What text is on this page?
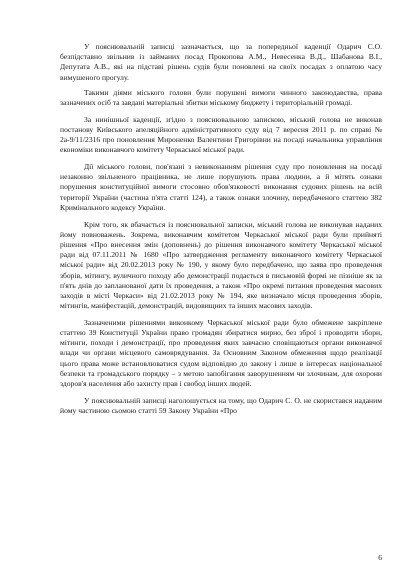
У пояснювальній записці зазначається, що за попередньої каденції Одарич С.О. безпідставно звільнив із займаних посад Прокопова А.М., Невесенка В.Д., Шабанова В.І., Депутата А.В., які на підставі рішень судів були поновлені на своїх посадах з оплатою часу вимушеного прогулу.

Такими діями міського голови були порушені вимоги чинного законодавства, права зазначених осіб та завдані матеріальні збитки міському бюджету і територіальній громаді.

За нинішньої каденції, згідно з пояснювальною запискою, міський голова не виконав постанову Київського апеляційного адміністративного суду від 7 вересня 2011 р. по справі № 2а-9/11/2316 про поновлення Мироненко Валентини Григорівни на посаді начальника управління економіки виконавчого комітету Черкаської міської ради.

Дії міського голови, пов'язані з невиконанням рішення суду про поновлення на посаді незаконно звільненого працівника, не лише порушують права людини, а й мітять ознаки порушення конституційної вимоги стосовно обов'язковості виконання судових рішень на всій території України (частина п'ята статті 124), а також ознаки злочину, передбаченого статтею 382 Кримінального кодексу України.

Крім того, як вбачається із пояснювальної записки, міський голова не виконував наданих йому повноважень. Зокрема, виконавчим комітетом Черкаської міської ради були прийняті рішення «Про внесення змін (доповнень) до рішення виконавчого комітету Черкаської міської ради від 07.11.2011 № 1680 «Про затвердження регламенту виконавчого комітету Черкаської міської ради» від 20.02.2013 року № 190, у якому було передбачено, що заява про проведення зборів, мітингу, вуличного походу або демонстрації подається в письмовій формі не пізніше як за п'ять днів до запланованої дати їх проведення, а також «Про окремі питання проведення масових заходів в місті Черкаси» від 21.02.2013 року № 194, яке визначало місця проведення зборів, мітингів, маніфестацій, демонстрацій, видовищних та інших масових заходів.

Зазначеними рішеннями виконкому Черкаської міської ради було обмежене закріплене статтею 39 Конституції України право громадян збиратися мирно, без зброї і проводити збори, мітинги, походи і демонстрації, про проведення яких завчасно сповіщаються органи виконавчої влади чи органи місцевого самоврядування. За Основним Законом обмеження щодо реалізації цього права може встановлюватися судом відповідно до закону і лише в інтересах національної безпеки та громадського порядку – з метою запобігання заворушенням чи злочинам, для охорони здоров'я населення або захисту прав і свобод інших людей.

У пояснювальній записці наголошується на тому, що Одарич С. О. не скористався наданим йому частиною сьомою статті 59 Закону України «Про

6
